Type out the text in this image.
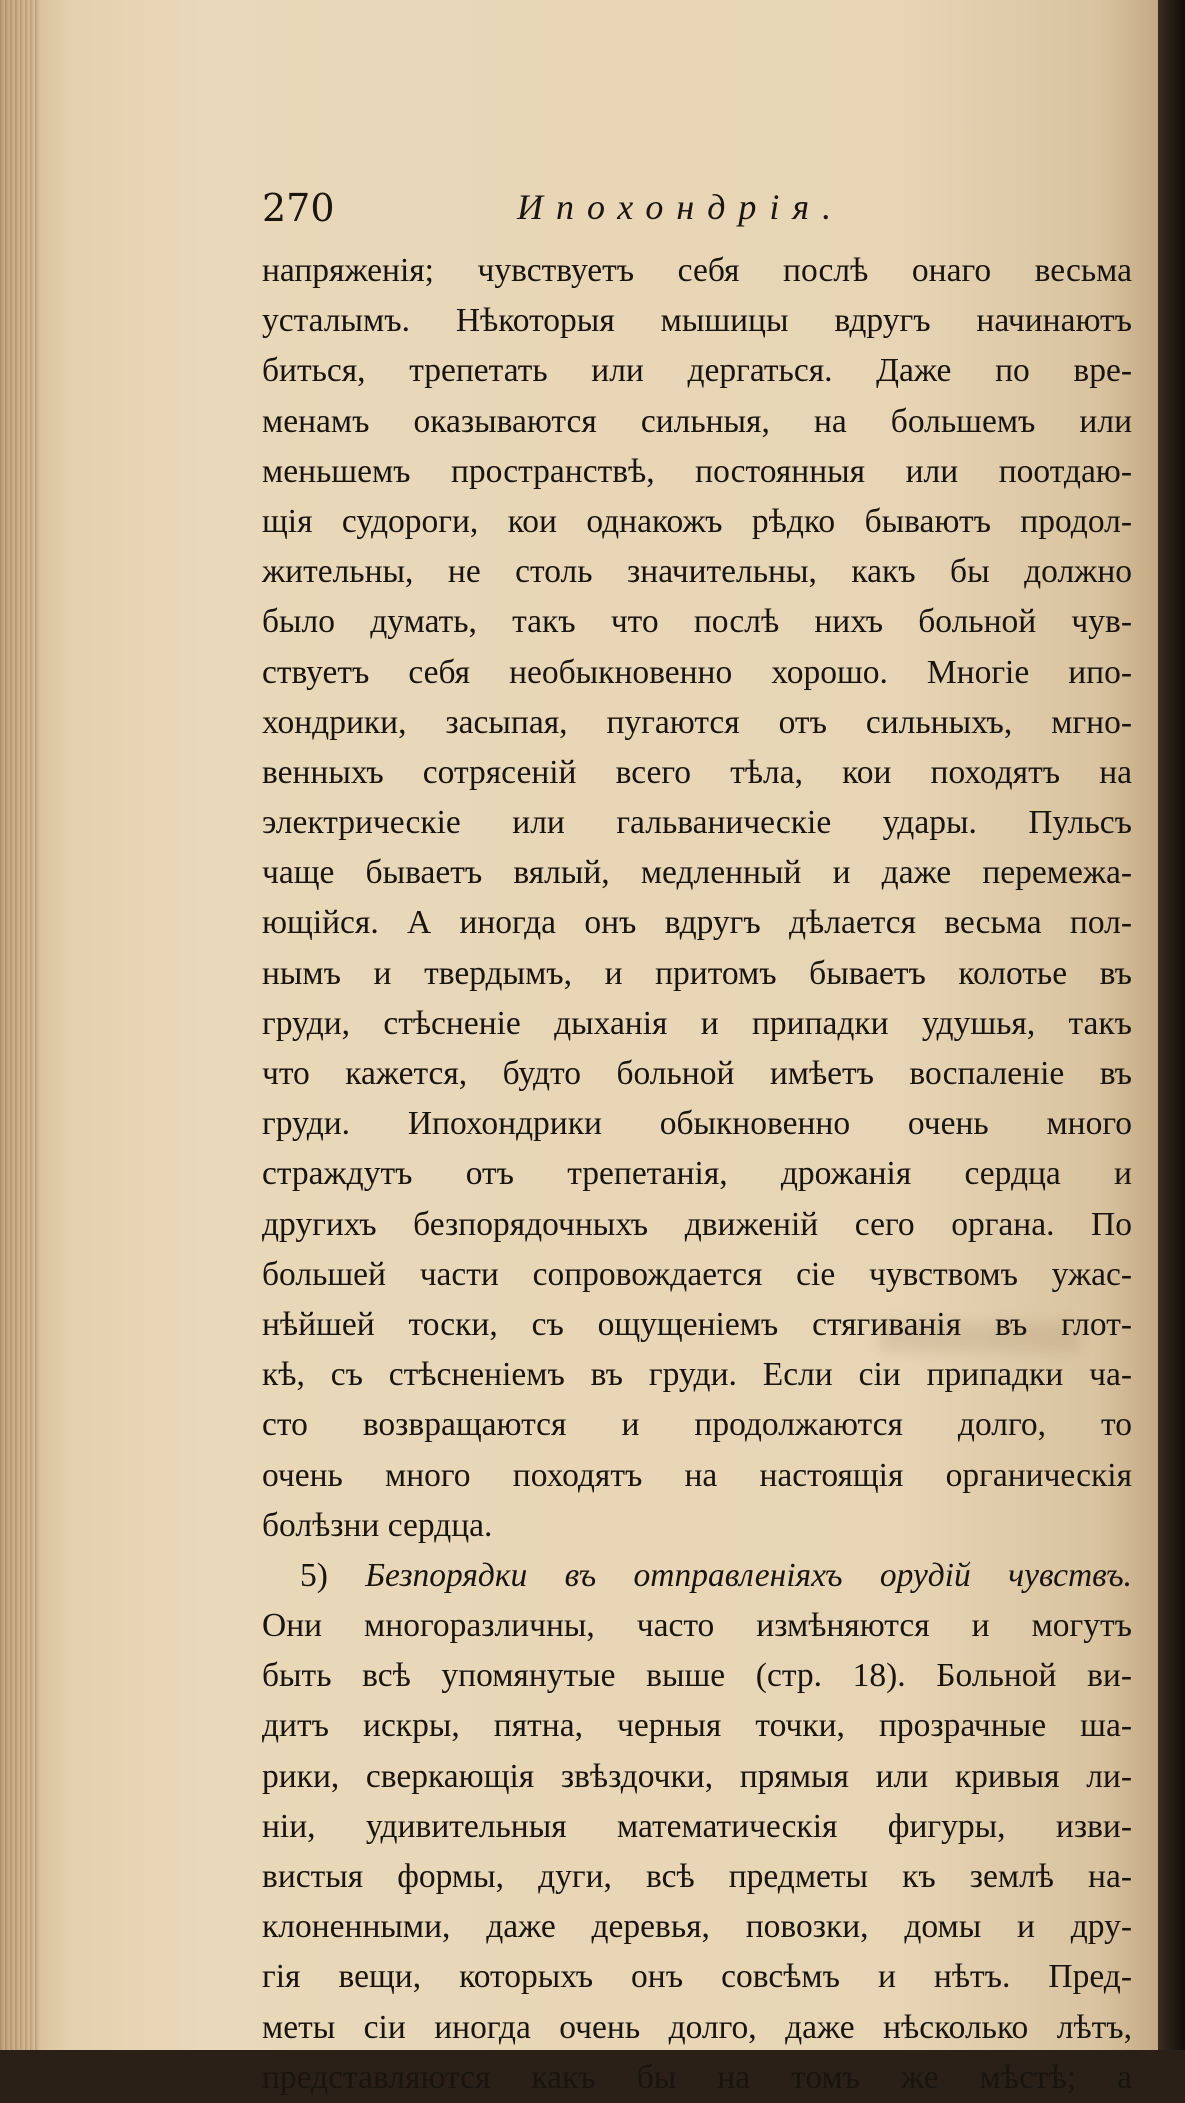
270	Ипохондрія.
напряженія; чувствуетъ себя послѣ онаго весьма
усталымъ. Нѣкоторыя мышицы вдругъ начинаютъ
биться, трепетать или дергаться. Даже по вре-
менамъ оказываются сильныя, на большемъ или
меньшемъ пространствѣ, постоянныя или поотдаю-
щія судороги, кои однакожъ рѣдко бываютъ продол-
жительны, не столь значительны, какъ бы должно
было думать, такъ что послѣ нихъ больной чув-
ствуетъ себя необыкновенно хорошо. Многіе ипо-
хондрики, засыпая, пугаются отъ сильныхъ, мгно-
венныхъ сотрясеній всего тѣла, кои походятъ на
электрическіе или гальваническіе удары. Пульсъ
чаще бываетъ вялый, медленный и даже перемежа-
ющійся. А иногда онъ вдругъ дѣлается весьма пол-
нымъ и твердымъ, и притомъ бываетъ колотье въ
груди, стѣсненіе дыханія и припадки удушья, такъ
что кажется, будто больной имѣетъ воспаленіе въ
груди. Ипохондрики обыкновенно очень много
страждутъ отъ трепетанія, дрожанія сердца и
другихъ безпорядочныхъ движеній сего органа. По
большей части сопровождается сіе чувствомъ ужас-
нѣйшей тоски, съ ощущеніемъ стягиванія въ глот-
кѣ, съ стѣсненіемъ въ груди. Если сіи припадки ча-
сто возвращаются и продолжаются долго, то
очень много походятъ на настоящія органическія
болѣзни сердца.
5) Безпорядки въ отправленіяхъ орудій чувствъ.
Они многоразличны, часто измѣняются и могутъ
быть всѣ упомянутые выше (стр. 18). Больной ви-
дитъ искры, пятна, черныя точки, прозрачные ша-
рики, сверкающія звѣздочки, прямыя или кривыя ли-
ніи, удивительныя математическія фигуры, изви-
вистыя формы, дуги, всѣ предметы къ землѣ на-
клоненными, даже деревья, повозки, домы и дру-
гія вещи, которыхъ онъ совсѣмъ и нѣтъ. Пред-
меты сіи иногда очень долго, даже нѣсколько лѣтъ,
представляются какъ бы на томъ же мѣстѣ; а
